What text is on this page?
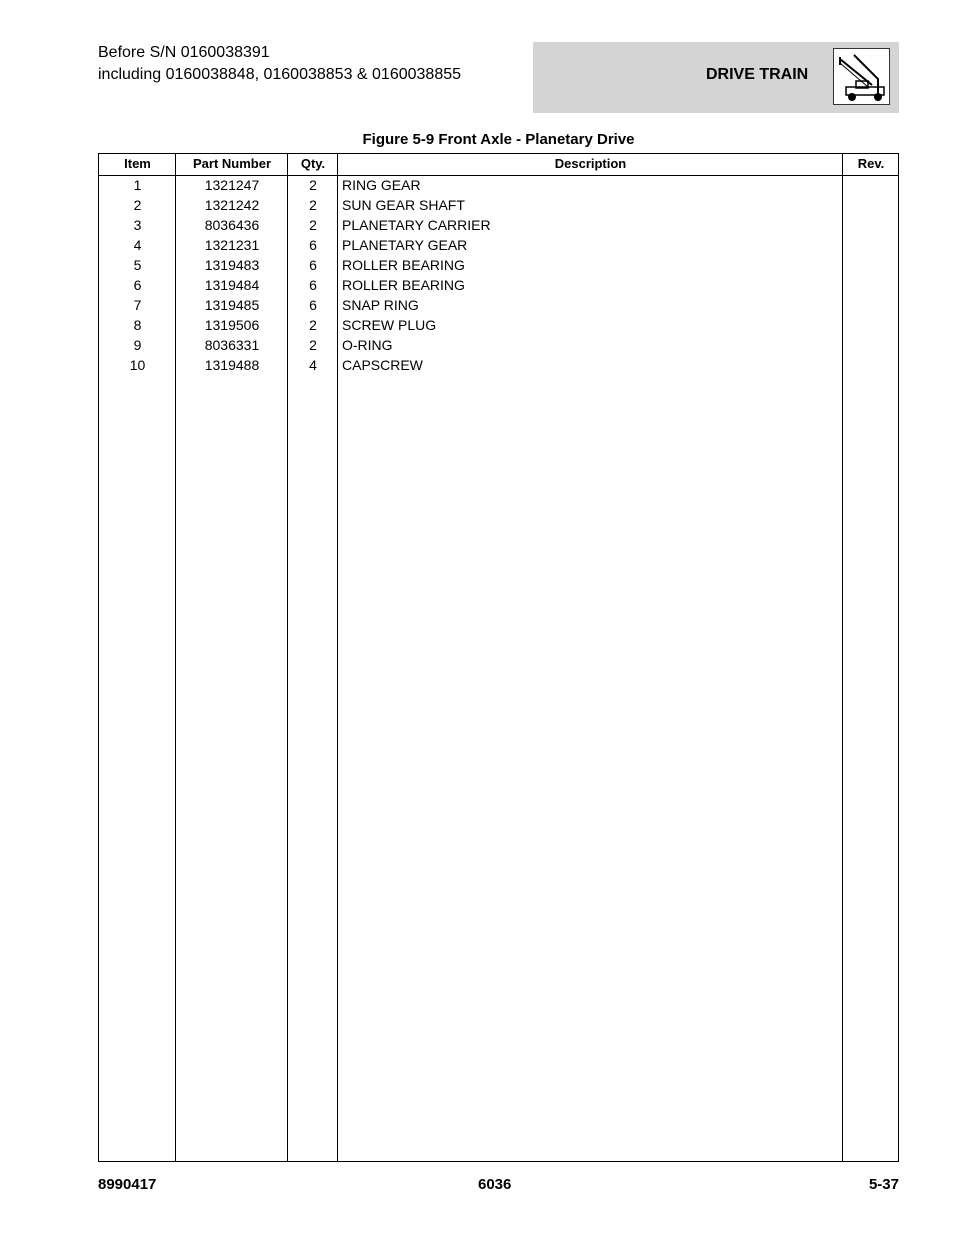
Before S/N 0160038391
including 0160038848, 0160038853 & 0160038855	DRIVE TRAIN
Figure 5-9 Front Axle - Planetary Drive
Item	Part Number	Qty.	Description	Rev.
1	1321247	2	RING GEAR
2	1321242	2	SUN GEAR SHAFT
3	8036436	2	PLANETARY CARRIER
4	1321231	6	PLANETARY GEAR
5	1319483	6	ROLLER BEARING
6	1319484	6	ROLLER BEARING
7	1319485	6	SNAP RING
8	1319506	2	SCREW PLUG
9	8036331	2	O-RING
10	1319488	4	CAPSCREW
8990417	6036	5-37
